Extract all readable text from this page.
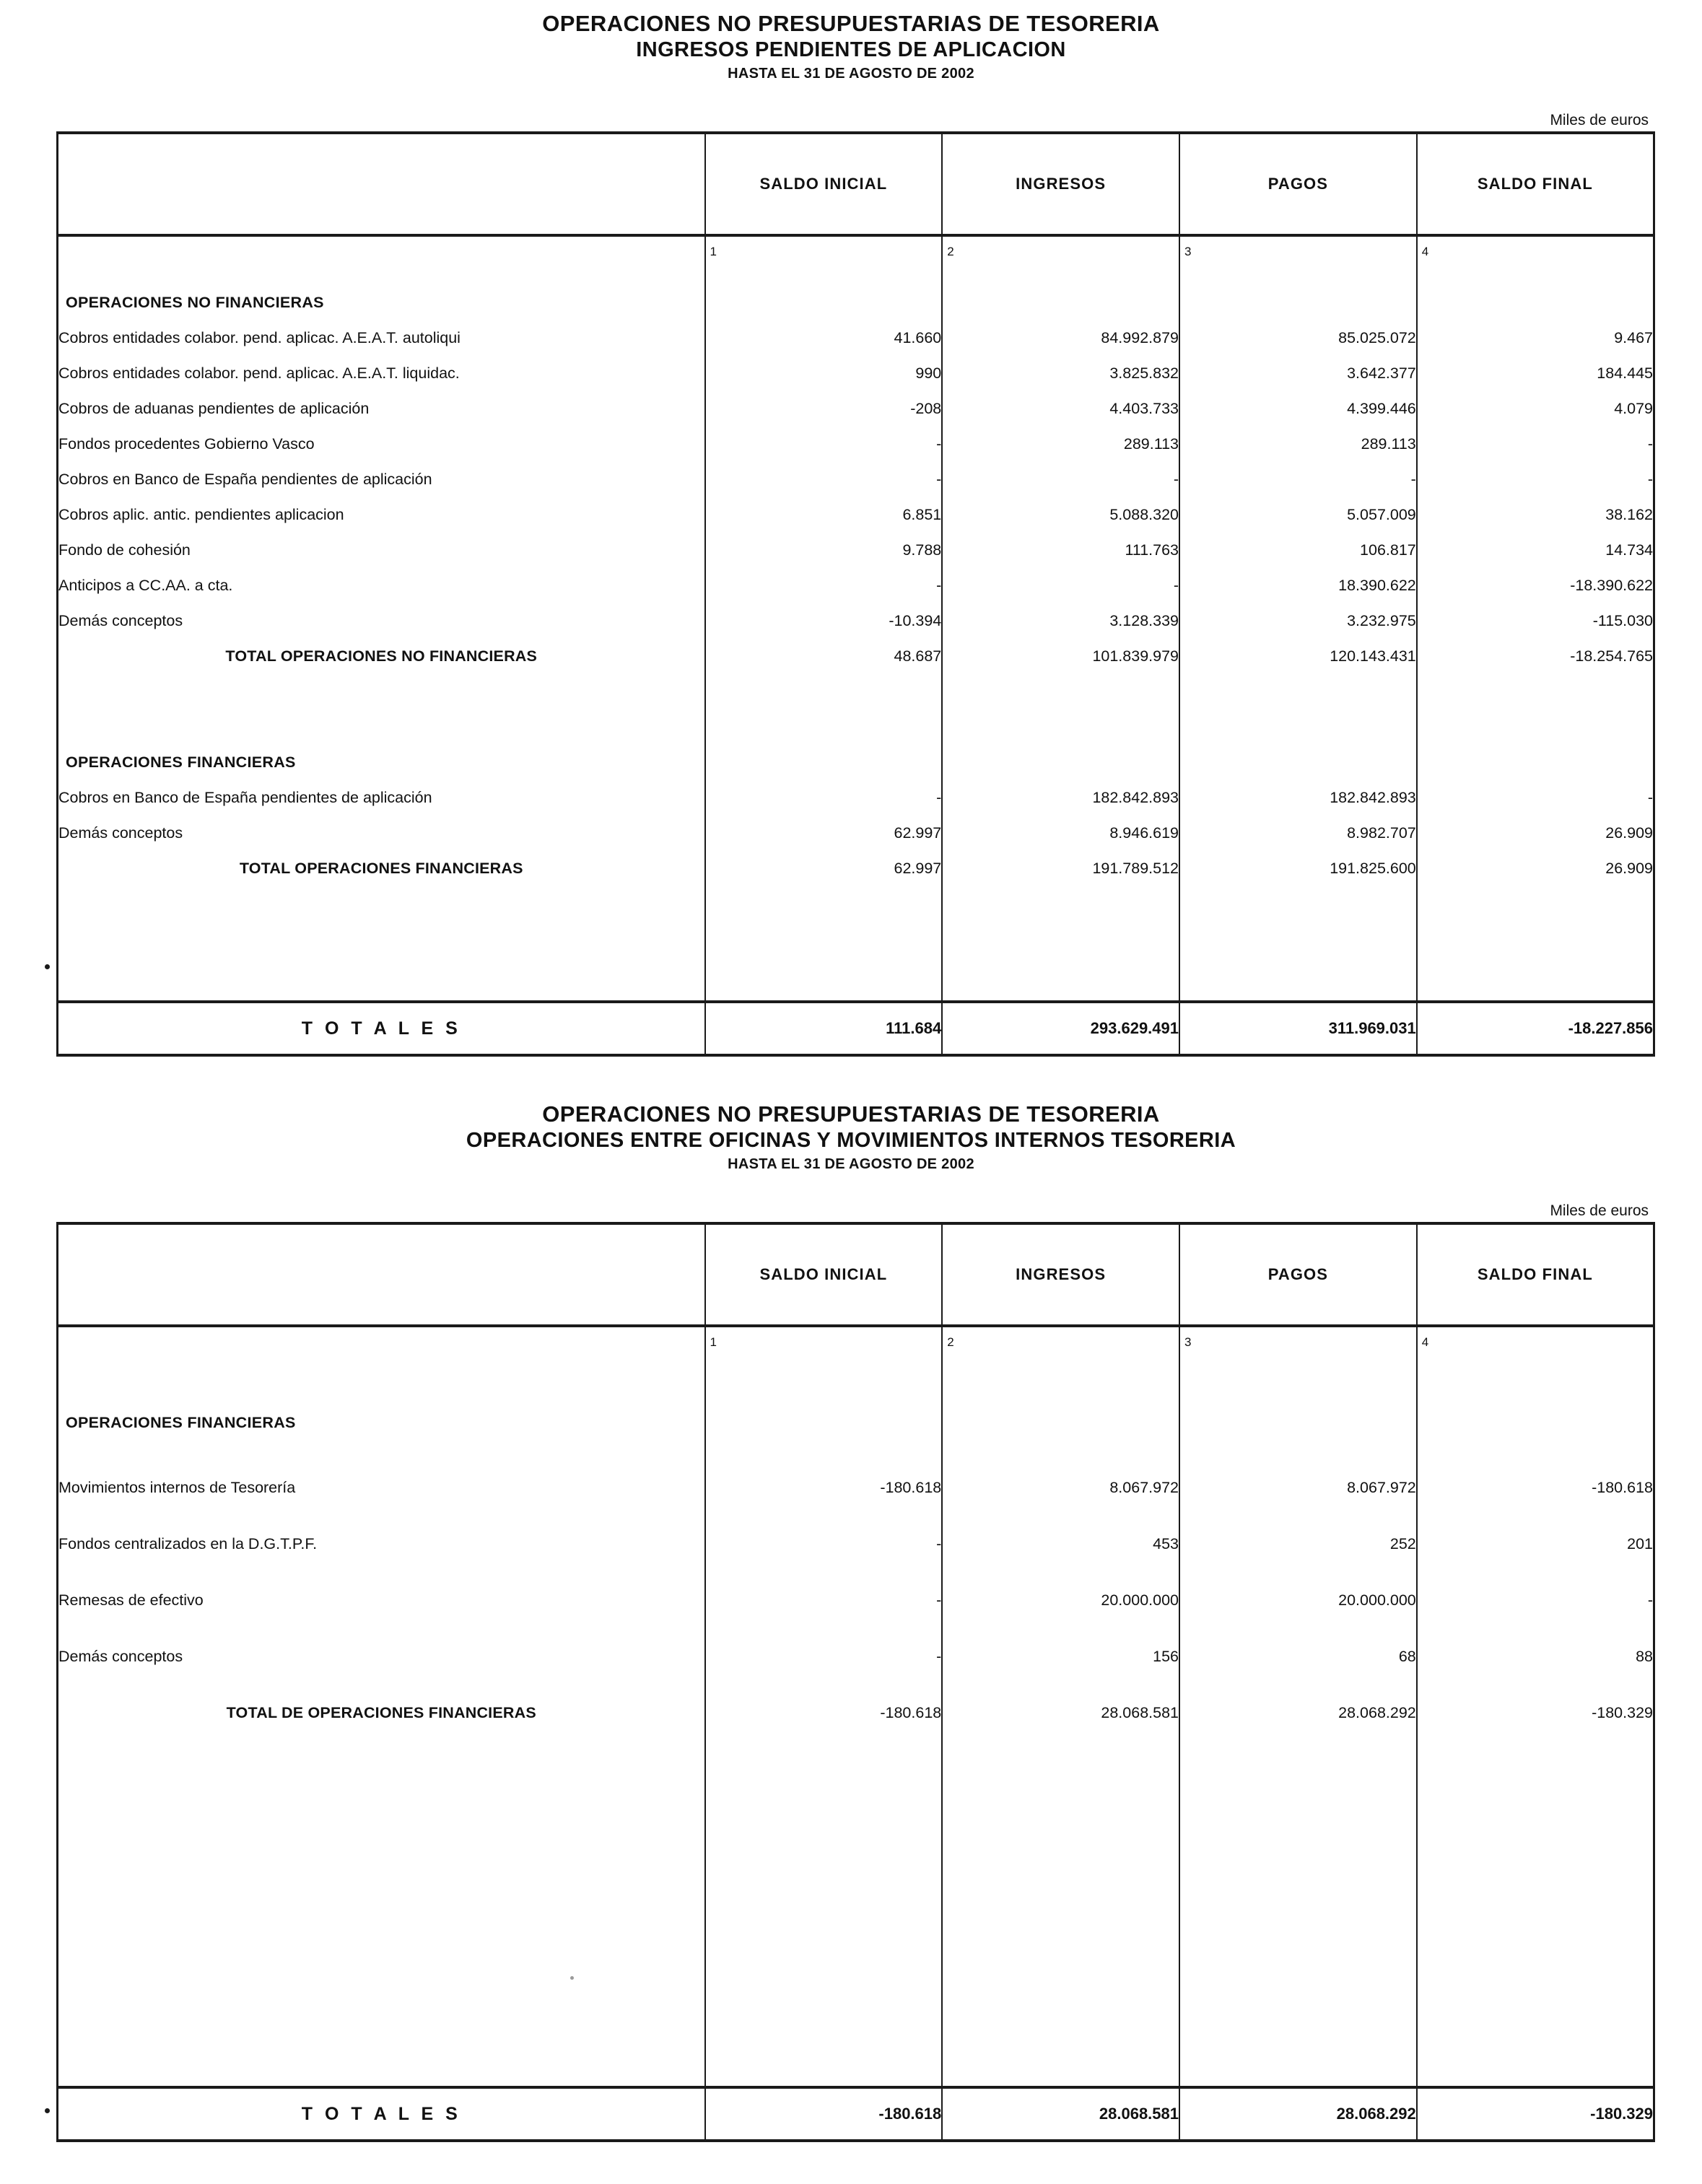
OPERACIONES NO PRESUPUESTARIAS DE TESORERIA
INGRESOS PENDIENTES DE APLICACION
HASTA EL 31 DE AGOSTO DE 2002
Miles de euros
	SALDO INICIAL	INGRESOS	PAGOS	SALDO FINAL

	1	2	3	4

OPERACIONES NO FINANCIERAS				
Cobros entidades colabor. pend. aplicac. A.E.A.T. autoliqui	41.660	84.992.879	85.025.072	9.467
Cobros entidades colabor. pend. aplicac. A.E.A.T. liquidac.	990	3.825.832	3.642.377	184.445
Cobros de aduanas pendientes de aplicación	-208	4.403.733	4.399.446	4.079
Fondos procedentes Gobierno Vasco	-	289.113	289.113	-
Cobros en Banco de España pendientes de aplicación	-	-	-	-
Cobros aplic. antic. pendientes aplicacion	6.851	5.088.320	5.057.009	38.162
Fondo de cohesión	9.788	111.763	106.817	14.734
Anticipos a CC.AA. a cta.	-	-	18.390.622	-18.390.622
Demás conceptos	-10.394	3.128.339	3.232.975	-115.030
TOTAL OPERACIONES NO FINANCIERAS	48.687	101.839.979	120.143.431	-18.254.765

OPERACIONES FINANCIERAS				
Cobros en Banco de España pendientes de aplicación	-	182.842.893	182.842.893	-
Demás conceptos	62.997	8.946.619	8.982.707	26.909
TOTAL OPERACIONES FINANCIERAS	62.997	191.789.512	191.825.600	26.909

T O T A L E S	111.684	293.629.491	311.969.031	-18.227.856
OPERACIONES NO PRESUPUESTARIAS DE TESORERIA
OPERACIONES ENTRE OFICINAS Y MOVIMIENTOS INTERNOS TESORERIA
HASTA EL 31 DE AGOSTO DE 2002
Miles de euros
	SALDO INICIAL	INGRESOS	PAGOS	SALDO FINAL

	1	2	3	4

OPERACIONES FINANCIERAS				

Movimientos internos de Tesorería	-180.618	8.067.972	8.067.972	-180.618
Fondos centralizados en la D.G.T.P.F.	-	453	252	201
Remesas de efectivo	-	20.000.000	20.000.000	-
Demás conceptos	-	156	68	88
TOTAL DE OPERACIONES FINANCIERAS	-180.618	28.068.581	28.068.292	-180.329

T O T A L E S	-180.618	28.068.581	28.068.292	-180.329
